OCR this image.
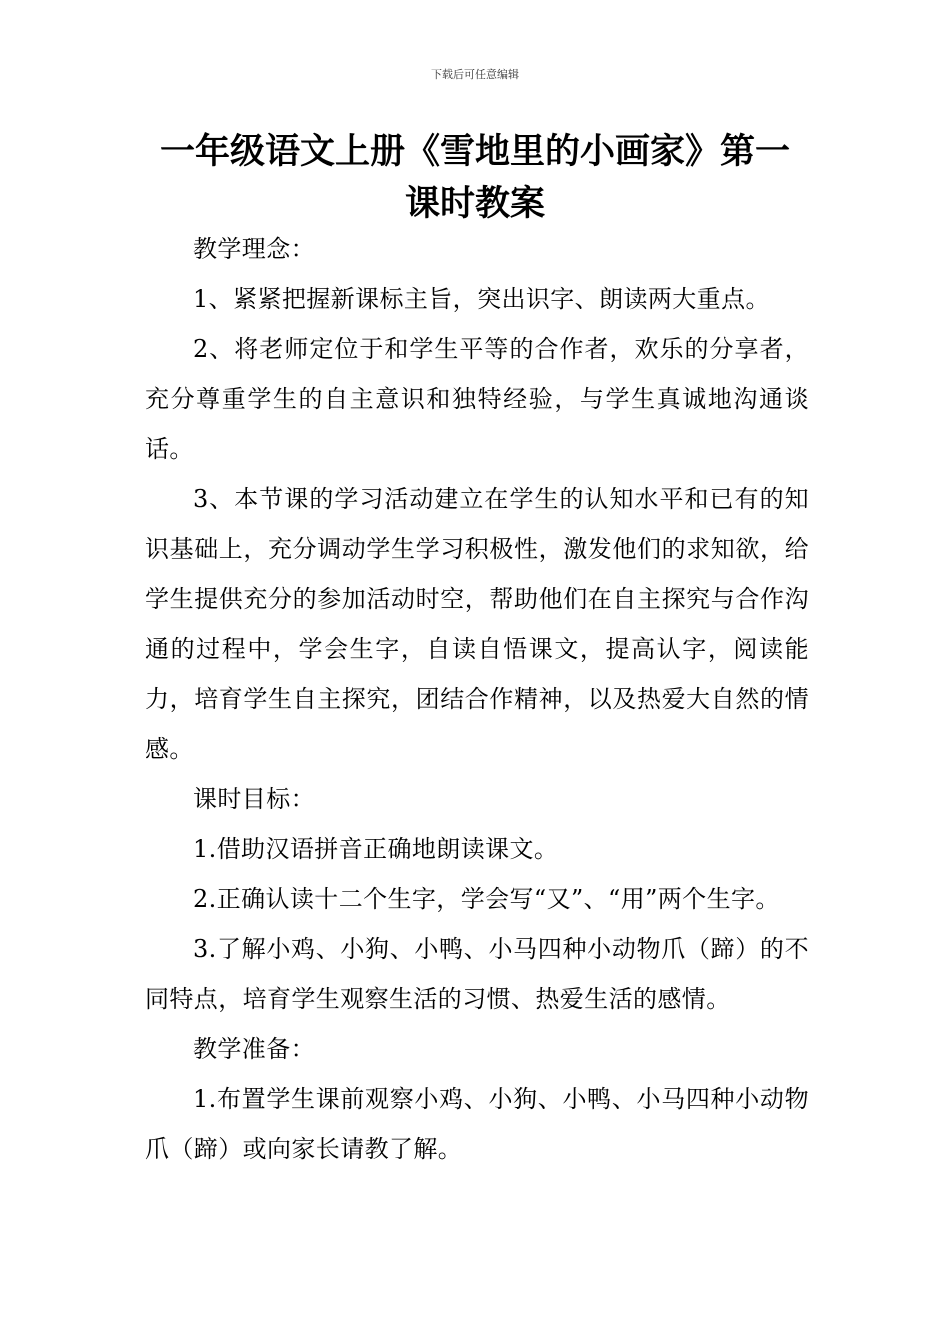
下载后可任意编辑
一年级语文上册《雪地里的小画家》第一课时教案

教学理念：

1、紧紧把握新课标主旨，突出识字、朗读两大重点。

2、将老师定位于和学生平等的合作者，欢乐的分享者，充分尊重学生的自主意识和独特经验，与学生真诚地沟通谈话。

3、本节课的学习活动建立在学生的认知水平和已有的知识基础上，充分调动学生学习积极性，激发他们的求知欲，给学生提供充分的参加活动时空，帮助他们在自主探究与合作沟通的过程中，学会生字，自读自悟课文，提高认字，阅读能力，培育学生自主探究，团结合作精神，以及热爱大自然的情感。

课时目标：

1.借助汉语拼音正确地朗读课文。

2.正确认读十二个生字，学会写“又”、“用”两个生字。

3.了解小鸡、小狗、小鸭、小马四种小动物爪（蹄）的不同特点，培育学生观察生活的习惯、热爱生活的感情。

教学准备：

1.布置学生课前观察小鸡、小狗、小鸭、小马四种小动物爪（蹄）或向家长请教了解。
